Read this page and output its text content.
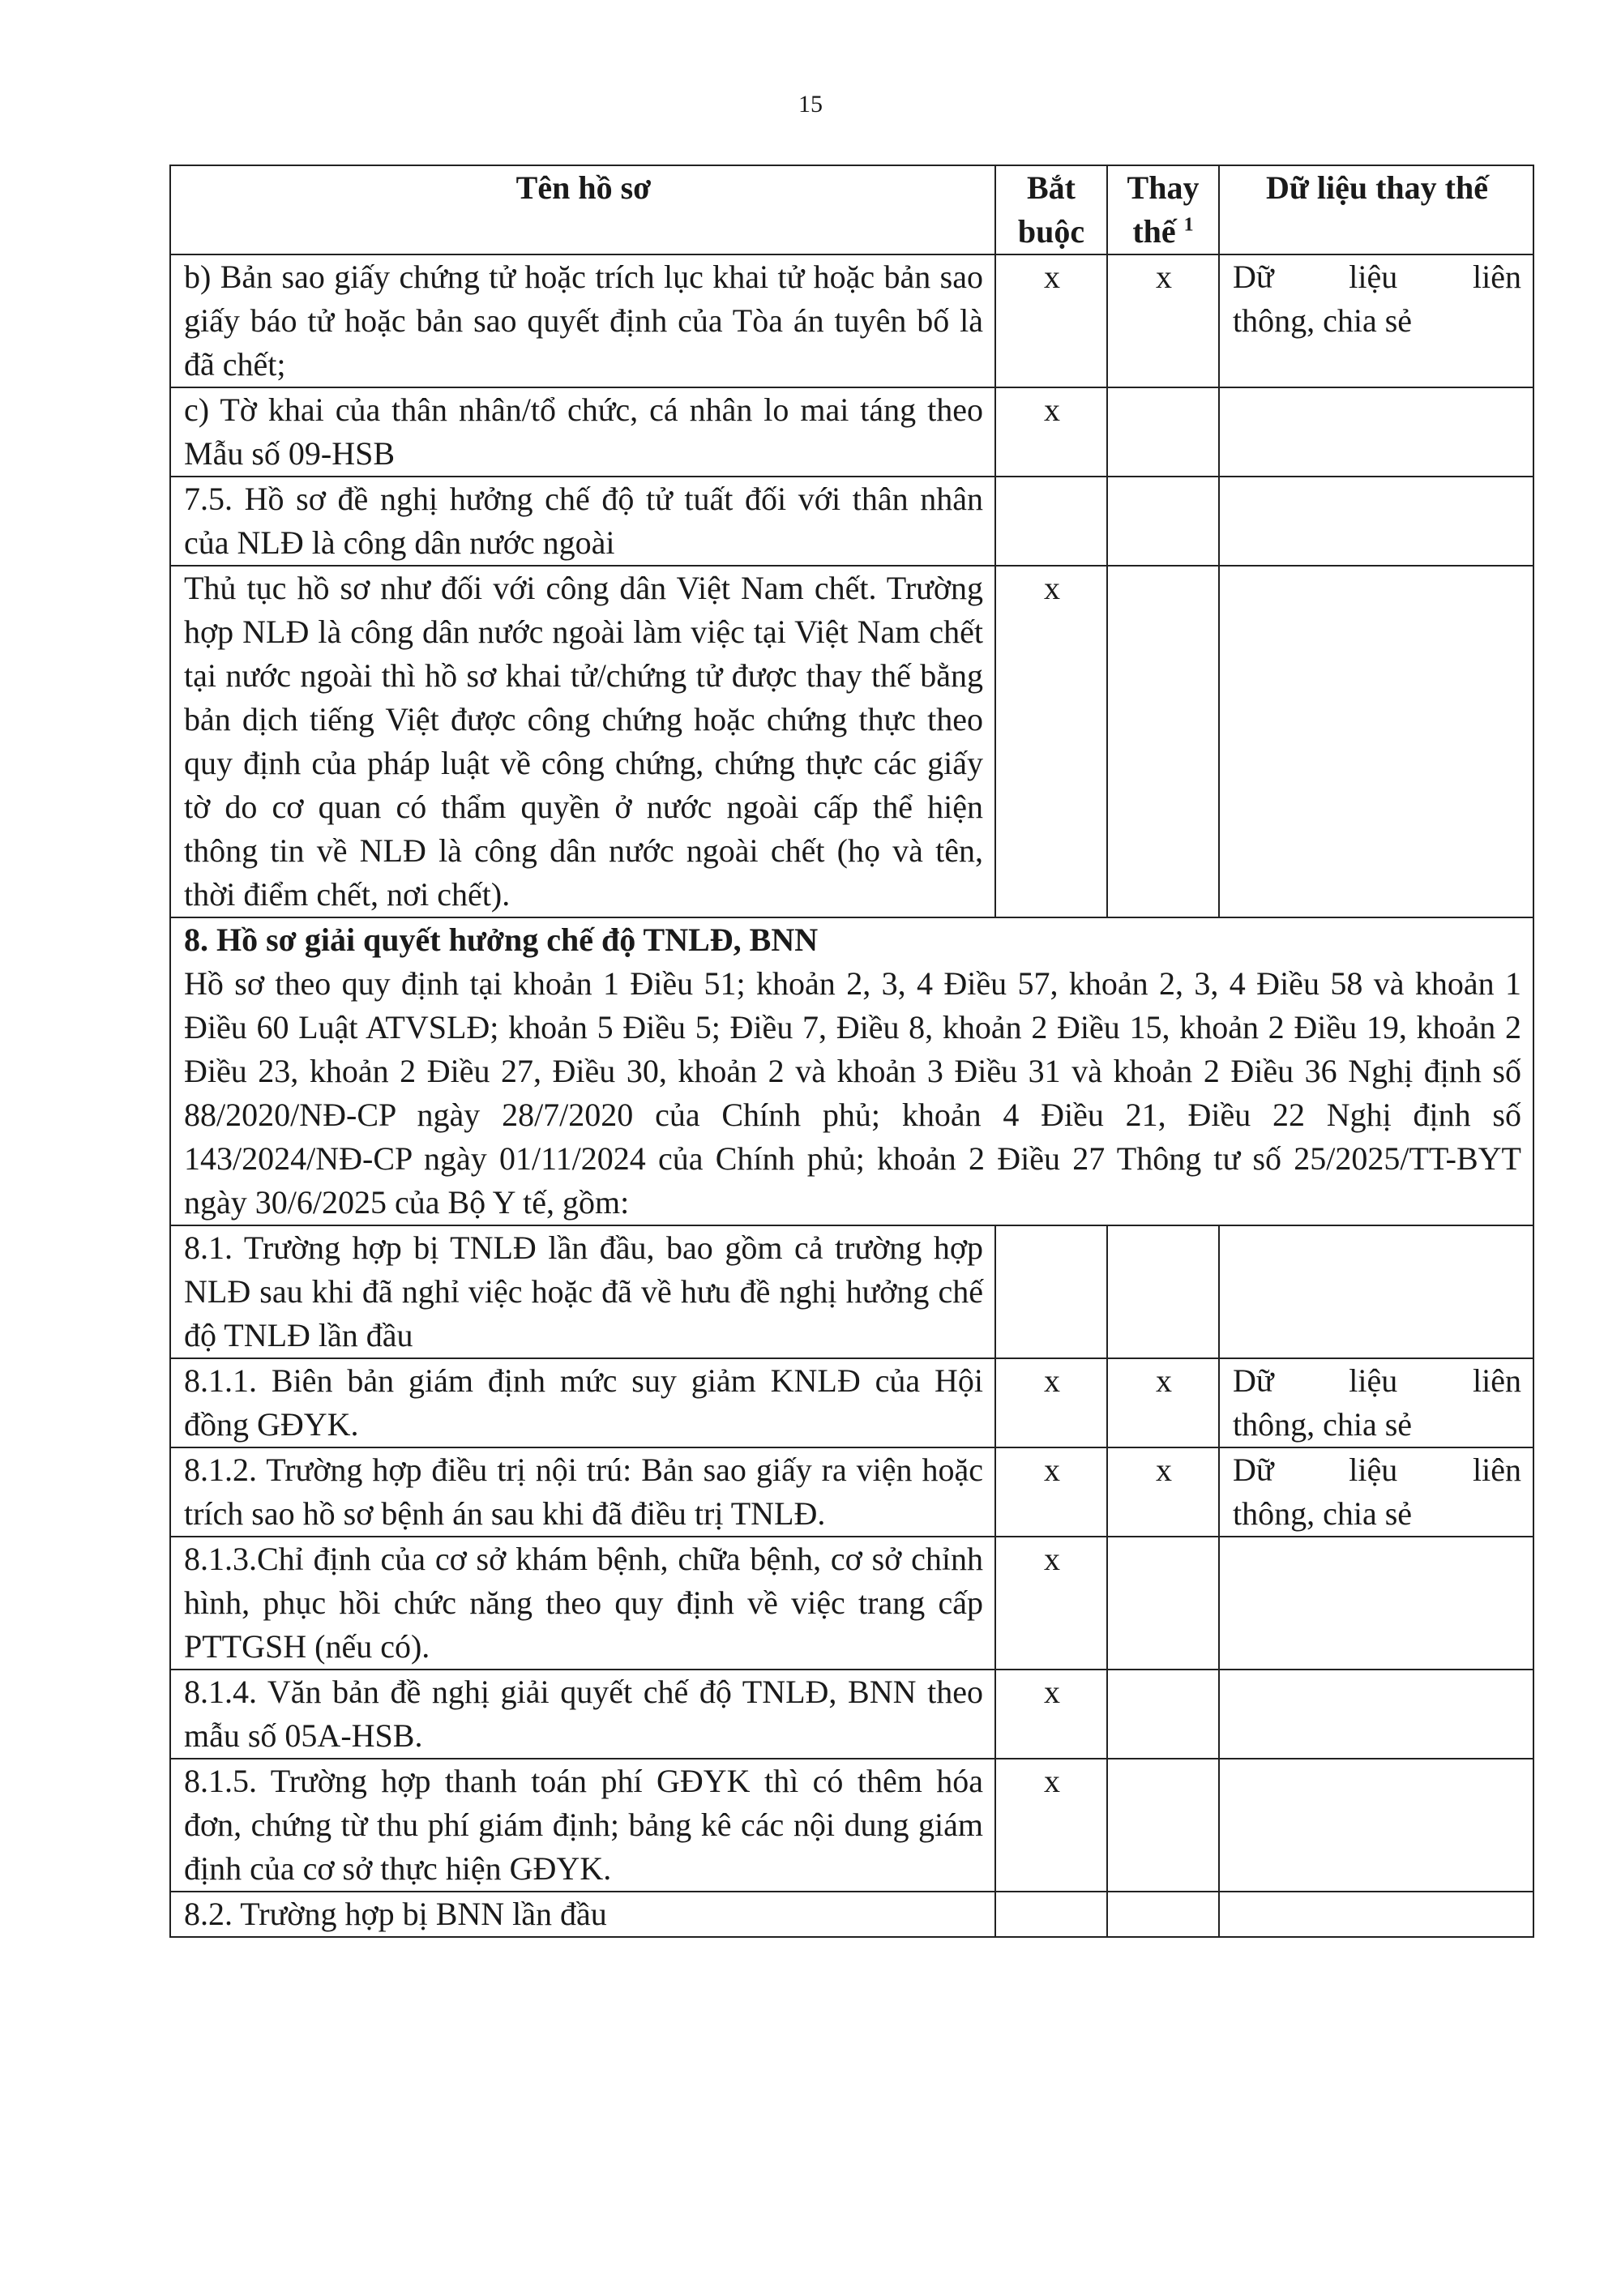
15
Tên hồ sơ	Bắt buộc	Thay thế $^1$	Dữ liệu thay thế
b) Bản sao giấy chứng tử hoặc trích lục khai tử hoặc bản sao giấy báo tử hoặc bản sao quyết định của Tòa án tuyên bố là đã chết;	x	x	Dữ liệu liên
thông, chia sẻ

c) Tờ khai của thân nhân/tổ chức, cá nhân lo mai táng theo Mẫu số 09-HSB	x		
7.5. Hồ sơ đề nghị hưởng chế độ tử tuất đối với thân nhân của NLĐ là công dân nước ngoài			
Thủ tục hồ sơ như đối với công dân Việt Nam chết. Trường hợp NLĐ là công dân nước ngoài làm việc tại Việt Nam chết tại nước ngoài thì hồ sơ khai tử/chứng tử được thay thế bằng bản dịch tiếng Việt được công chứng hoặc chứng thực theo quy định của pháp luật về công chứng, chứng thực các giấy tờ do cơ quan có thẩm quyền ở nước ngoài cấp thể hiện thông tin về NLĐ là công dân nước ngoài chết (họ và tên, thời điểm chết, nơi chết).	x		

8. Hồ sơ giải quyết hưởng chế độ TNLĐ, BNN
Hồ sơ theo quy định tại khoản 1 Điều 51; khoản 2, 3, 4 Điều 57, khoản 2, 3, 4 Điều 58 và khoản 1 Điều 60 Luật ATVSLĐ; khoản 5 Điều 5; Điều 7, Điều 8, khoản 2 Điều 15, khoản 2 Điều 19, khoản 2 Điều 23, khoản 2 Điều 27, Điều 30, khoản 2 và khoản 3 Điều 31 và khoản 2 Điều 36 Nghị định số 88/2020/NĐ-CP ngày 28/7/2020 của Chính phủ; khoản 4 Điều 21, Điều 22 Nghị định số 143/2024/NĐ-CP ngày 01/11/2024 của Chính phủ; khoản 2 Điều 27 Thông tư số 25/2025/TT-BYT ngày 30/6/2025 của Bộ Y tế, gồm:			

8.1. Trường hợp bị TNLĐ lần đầu, bao gồm cả trường hợp NLĐ sau khi đã nghỉ việc hoặc đã về hưu đề nghị hưởng chế độ TNLĐ lần đầu			
8.1.1. Biên bản giám định mức suy giảm KNLĐ của Hội đồng GĐYK.	x	x	Dữ liệu liên
thông, chia sẻ

8.1.2. Trường hợp điều trị nội trú: Bản sao giấy ra viện hoặc trích sao hồ sơ bệnh án sau khi đã điều trị TNLĐ.	x	x	Dữ liệu liên
thông, chia sẻ

8.1.3.Chỉ định của cơ sở khám bệnh, chữa bệnh, cơ sở chỉnh hình, phục hồi chức năng theo quy định về việc trang cấp PTTGSH (nếu có).	x		
8.1.4. Văn bản đề nghị giải quyết chế độ TNLĐ, BNN theo mẫu số 05A-HSB.	x		
8.1.5. Trường hợp thanh toán phí GĐYK thì có thêm hóa đơn, chứng từ thu phí giám định; bảng kê các nội dung giám định của cơ sở thực hiện GĐYK.	x		
8.2. Trường hợp bị BNN lần đầu			
